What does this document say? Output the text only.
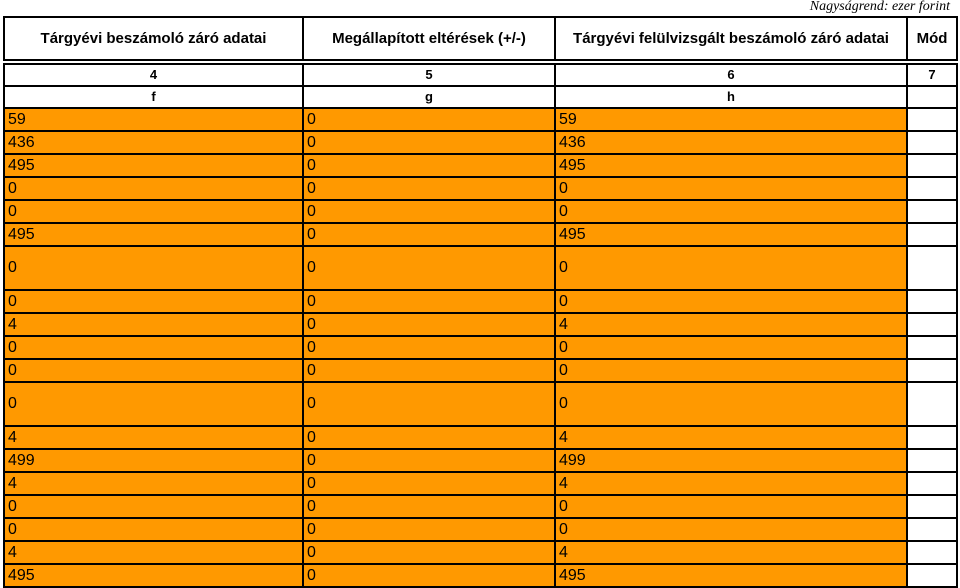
Nagyságrend: ezer forint
Tárgyévi beszámoló záró adatai	Megállapított eltérések (+/-)	Tárgyévi felülvizsgált beszámoló záró adatai	Mód

4	5	6	7
f	g	h	
59	0	59	
436	0	436	
495	0	495	
0	0	0	
0	0	0	
495	0	495	
0	0	0	
0	0	0	
4	0	4	
0	0	0	
0	0	0	
0	0	0	
4	0	4	
499	0	499	
4	0	4	
0	0	0	
0	0	0	
4	0	4	
495	0	495	
